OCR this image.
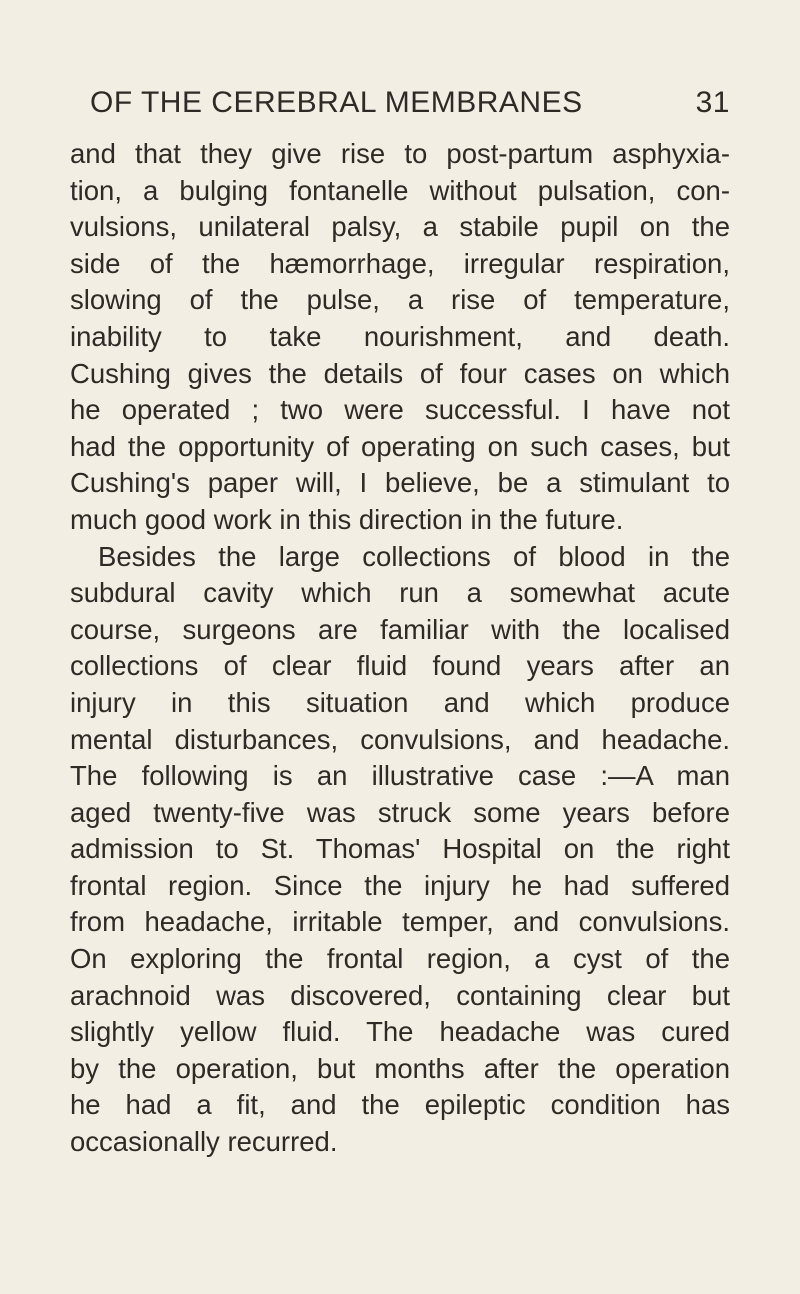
OF THE CEREBRAL MEMBRANES	31
and that they give rise to post-partum asphyxia-
tion, a bulging fontanelle without pulsation, con-
vulsions, unilateral palsy, a stabile pupil on the
side of the hæmorrhage, irregular respiration,
slowing of the pulse, a rise of temperature,
inability to take nourishment, and death.
Cushing gives the details of four cases on which
he operated ; two were successful. I have not
had the opportunity of operating on such cases, but
Cushing's paper will, I believe, be a stimulant to
much good work in this direction in the future.
Besides the large collections of blood in the
subdural cavity which run a somewhat acute
course, surgeons are familiar with the localised
collections of clear fluid found years after an
injury in this situation and which produce
mental disturbances, convulsions, and headache.
The following is an illustrative case :—A man
aged twenty-five was struck some years before
admission to St. Thomas' Hospital on the right
frontal region. Since the injury he had suffered
from headache, irritable temper, and convulsions.
On exploring the frontal region, a cyst of the
arachnoid was discovered, containing clear but
slightly yellow fluid. The headache was cured
by the operation, but months after the operation
he had a fit, and the epileptic condition has
occasionally recurred.
